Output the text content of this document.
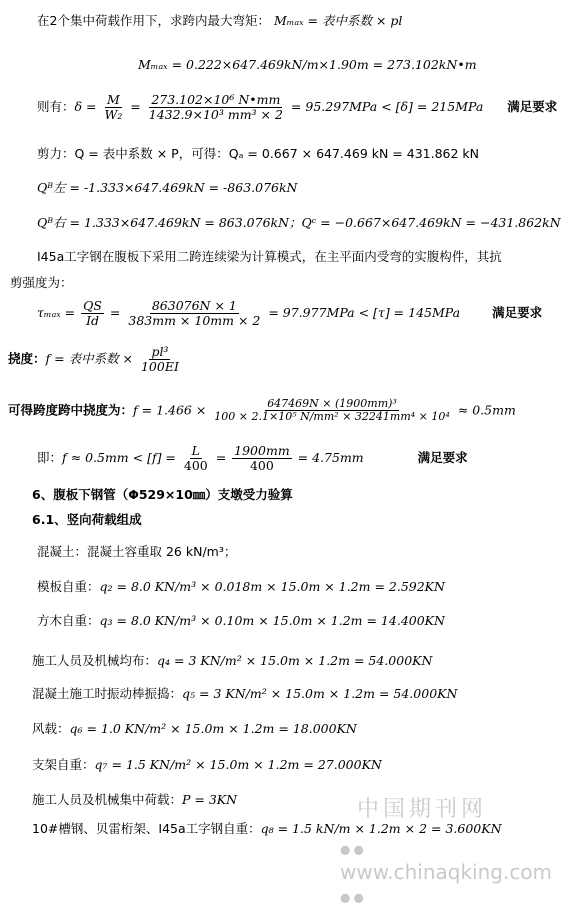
在2个集中荷载作用下，求跨内最大弯矩： Mₘₐₓ = 表中系数 × pl
Mₘₐₓ = 0.222×647.469kN/m×1.90m = 273.102kN•m
则有：$\delta = \frac{M}{\text{W₂}} = \frac{\text{273.102×10⁶ N•mm}}{\text{1432.9×10³ mm³ × 2}} = 95.297MPa < [\delta] = 215MPa$ 满足要求
剪力：Q = 表中系数 × P，可得：Qₐ = 0.667 × 647.469 kN = 431.862 kN
Qᴮ左 = -1.333×647.469kN = -863.076kN
Qᴮ右 = 1.333×647.469kN = 863.076kN；Qᶜ = −0.667×647.469kN = −431.862kN
I45a工字钢在腹板下采用二跨连续梁为计算模式，在主平面内受弯的实腹构件，其抗
剪强度为：
$\tau_{max} = \frac{QS}{Id} = \frac{863076N \times 1}{383mm \times 10mm \times 2} = 97.977MPa < [\tau] = 145MPa$	满足要求
挠度：f = 表中系数 × $\frac{\text{pl³}}{100EI}$
可得跨度跨中挠度为：$f = 1.466 \times \frac{\text{647469N × (1900mm)³}}{\text{100 × 2.1×10⁵ N/mm² × 32241mm⁴ × 10⁴}} \approx 0.5mm$
即：$f \approx 0.5mm < [f] = \frac{L}{400} = \frac{1900mm}{400} = 4.75mm$	满足要求
6、腹板下钢管（Φ529×10㎜）支墩受力验算
6.1、竖向荷载组成
混凝土：混凝土容重取 26 kN/m³；
模板自重：q₂ = 8.0 KN/m³ × 0.018m × 15.0m × 1.2m = 2.592KN
方木自重：q₃ = 8.0 KN/m³ × 0.10m × 15.0m × 1.2m = 14.400KN
施工人员及机械均布：q₄ = 3 KN/m² × 15.0m × 1.2m = 54.000KN
混凝土施工时振动棒振捣：q₅ = 3 KN/m² × 15.0m × 1.2m = 54.000KN
风载：q₆ = 1.0 KN/m² × 15.0m × 1.2m = 18.000KN
支架自重：q₇ = 1.5 KN/m² × 15.0m × 1.2m = 27.000KN
施工人员及机械集中荷载：P = 3KN
10#槽钢、贝雷桁架、I45a工字钢自重：q₈ = 1.5 kN/m × 1.2m × 2 = 3.600KN
中国期刊网
●● www.chinaqking.com ●●
